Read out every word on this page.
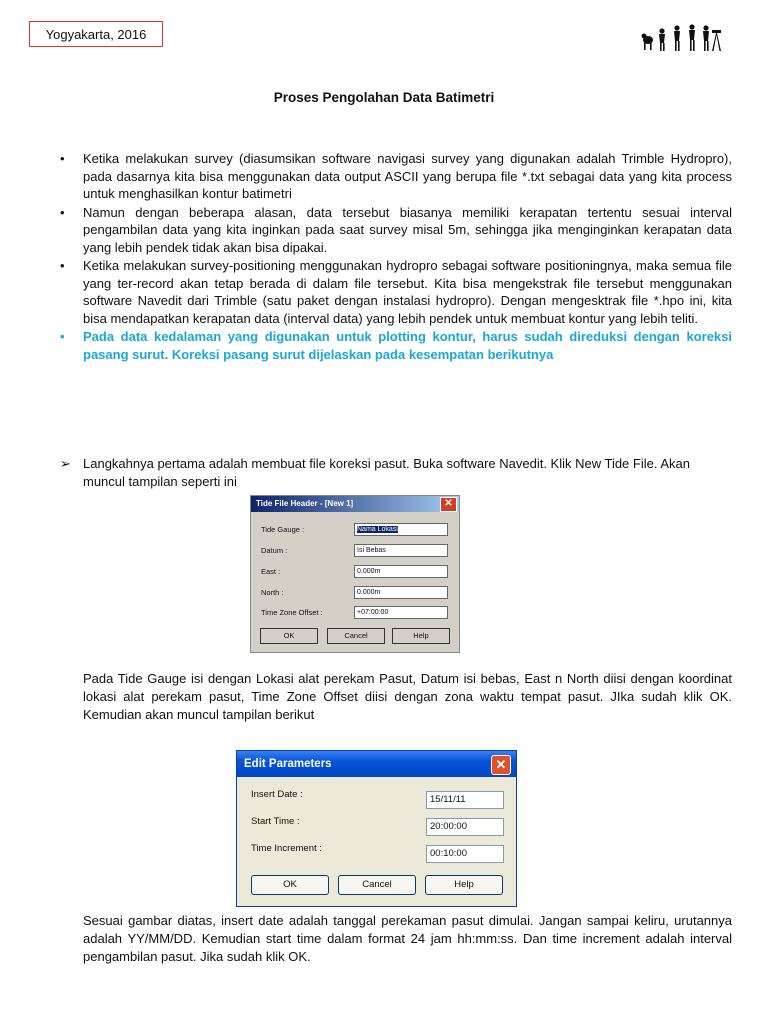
Yogyakarta, 2016
Proses Pengolahan Data Batimetri
• Ketika melakukan survey (diasumsikan software navigasi survey yang digunakan adalah Trimble Hydropro), pada dasarnya kita bisa menggunakan data output ASCII yang berupa file *.txt sebagai data yang kita process untuk menghasilkan kontur batimetri
• Namun dengan beberapa alasan, data tersebut biasanya memiliki kerapatan tertentu sesuai interval pengambilan data yang kita inginkan pada saat survey misal 5m, sehingga jika menginginkan kerapatan data yang lebih pendek tidak akan bisa dipakai.
• Ketika melakukan survey-positioning menggunakan hydropro sebagai software positioningnya, maka semua file yang ter-record akan tetap berada di dalam file tersebut. Kita bisa mengekstrak file tersebut menggunakan software Navedit dari Trimble (satu paket dengan instalasi hydropro). Dengan mengesktrak file *.hpo ini, kita bisa mendapatkan kerapatan data (interval data) yang lebih pendek untuk membuat kontur yang lebih teliti.
• Pada data kedalaman yang digunakan untuk plotting kontur, harus sudah direduksi dengan koreksi pasang surut. Koreksi pasang surut dijelaskan pada kesempatan berikutnya
➢ Langkahnya pertama adalah membuat file koreksi pasut. Buka software Navedit. Klik New Tide File. Akan muncul tampilan seperti ini
Tide File Header - [New 1]	✕
Tide Gauge :	Nama Lokasi
Datum :	Isi Bebas
East :	0.000m
North :	0.000m
Time Zone Offset :	+07:00:00
OK	Cancel	Help
Pada Tide Gauge isi dengan Lokasi alat perekam Pasut, Datum isi bebas, East n North diisi dengan koordinat lokasi alat perekam pasut, Time Zone Offset diisi dengan zona waktu tempat pasut. JIka sudah klik OK. Kemudian akan muncul tampilan berikut
Edit Parameters	✕
Insert Date :	15/11/11
Start Time :	20:00:00
Time Increment :	00:10:00
OK	Cancel	Help
Sesuai gambar diatas, insert date adalah tanggal perekaman pasut dimulai. Jangan sampai keliru, urutannya adalah YY/MM/DD. Kemudian start time dalam format 24 jam hh:mm:ss. Dan time increment adalah interval pengambilan pasut. Jika sudah klik OK.
